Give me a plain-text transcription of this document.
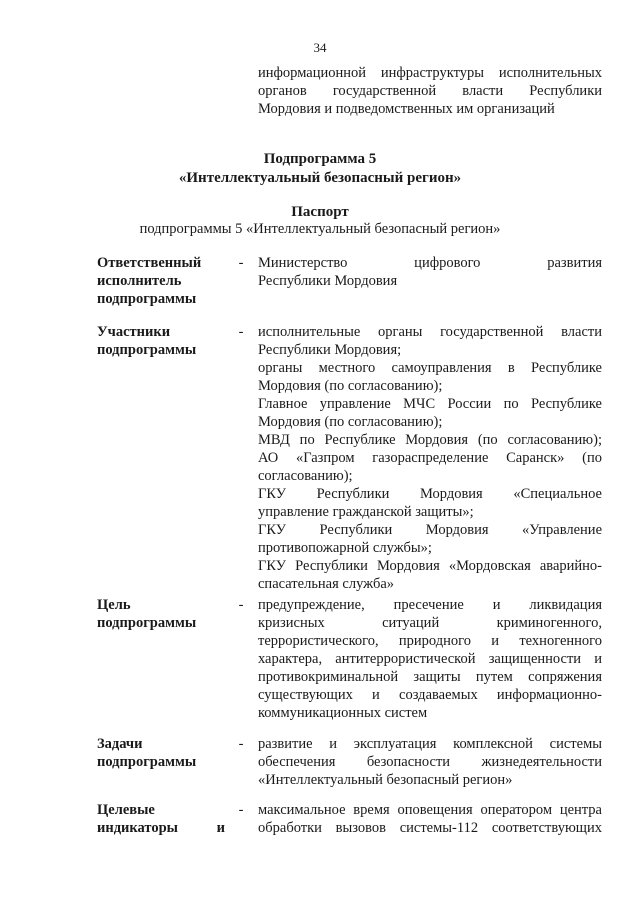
34
информационной инфраструктуры исполнительных
органов государственной власти Республики
Мордовия и подведомственных им организаций
Подпрограмма 5
«Интеллектуальный безопасный регион»
Паспорт
подпрограммы 5 «Интеллектуальный безопасный регион»
Ответственный
исполнитель
подпрограммы
- Министерство цифрового развития
Республики Мордовия
Участники
подпрограммы
- исполнительные органы государственной власти
Республики Мордовия;
органы местного самоуправления в Республике
Мордовия (по согласованию);
Главное управление МЧС России по Республике
Мордовия (по согласованию);
МВД по Республике Мордовия (по согласованию);
АО «Газпром газораспределение Саранск» (по
согласованию);
ГКУ Республики Мордовия «Специальное
управление гражданской защиты»;
ГКУ Республики Мордовия «Управление
противопожарной службы»;
ГКУ Республики Мордовия «Мордовская аварийно-
спасательная служба»
Цель
подпрограммы
- предупреждение, пресечение и ликвидация
кризисных ситуаций криминогенного,
террористического, природного и техногенного
характера, антитеррористической защищенности и
противокриминальной защиты путем сопряжения
существующих и создаваемых информационно-
коммуникационных систем
Задачи
подпрограммы
- развитие и эксплуатация комплексной системы
обеспечения безопасности жизнедеятельности
«Интеллектуальный безопасный регион»
Целевые
индикаторы и
- максимальное время оповещения оператором центра
обработки вызовов системы-112 соответствующих
